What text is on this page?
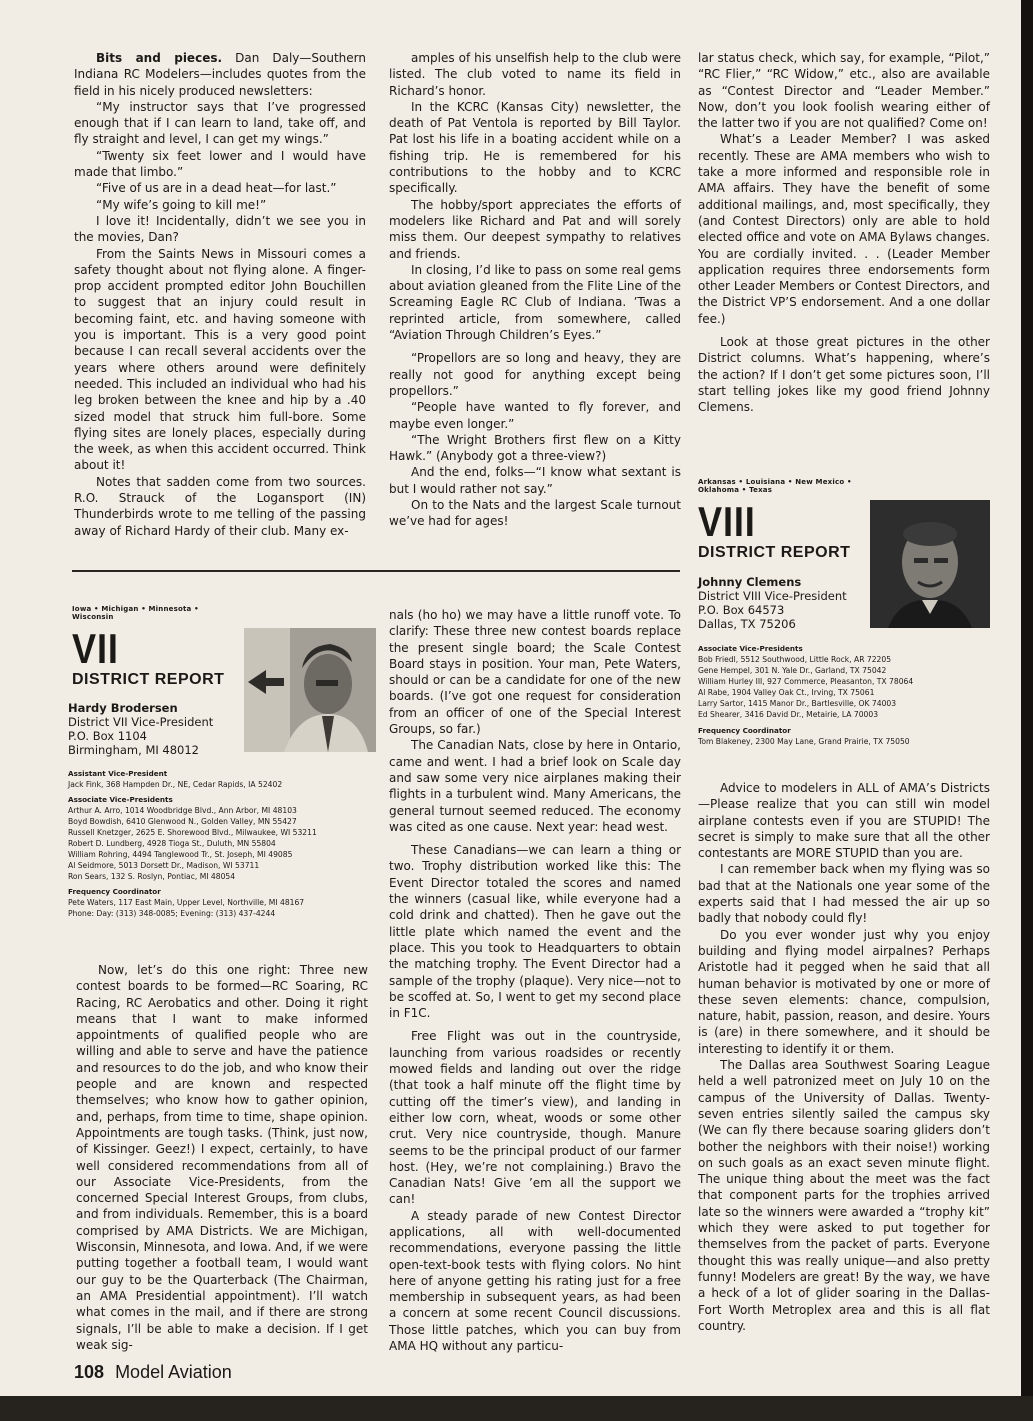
Bits and pieces. Dan Daly—Southern Indiana RC Modelers—includes quotes from the field in his nicely produced newsletters:

“My instructor says that I’ve progressed enough that if I can learn to land, take off, and fly straight and level, I can get my wings.”

“Twenty six feet lower and I would have made that limbo.”

“Five of us are in a dead heat—for last.”

“My wife’s going to kill me!”

I love it! Incidentally, didn’t we see you in the movies, Dan?

From the Saints News in Missouri comes a safety thought about not flying alone. A finger-prop accident prompted editor John Bouchillen to suggest that an injury could result in becoming faint, etc. and having someone with you is important. This is a very good point because I can recall several accidents over the years where others around were definitely needed. This included an individual who had his leg broken between the knee and hip by a .40 sized model that struck him full-bore. Some flying sites are lonely places, especially during the week, as when this accident occurred. Think about it!

Notes that sadden come from two sources. R.O. Strauck of the Logansport (IN) Thunderbirds wrote to me telling of the passing away of Richard Hardy of their club. Many ex-

amples of his unselfish help to the club were listed. The club voted to name its field in Richard’s honor.

In the KCRC (Kansas City) newsletter, the death of Pat Ventola is reported by Bill Taylor. Pat lost his life in a boating accident while on a fishing trip. He is remembered for his contributions to the hobby and to KCRC specifically.

The hobby/sport appreciates the efforts of modelers like Richard and Pat and will sorely miss them. Our deepest sympathy to relatives and friends.

In closing, I’d like to pass on some real gems about aviation gleaned from the Flite Line of the Screaming Eagle RC Club of Indiana. ’Twas a reprinted article, from somewhere, called “Aviation Through Children’s Eyes.”

“Propellors are so long and heavy, they are really not good for anything except being propellors.”

“People have wanted to fly forever, and maybe even longer.”

“The Wright Brothers first flew on a Kitty Hawk.” (Anybody got a three-view?)

And the end, folks—“I know what sextant is but I would rather not say.”

On to the Nats and the largest Scale turnout we’ve had for ages!

lar status check, which say, for example, “Pilot,” “RC Flier,” “RC Widow,” etc., also are available as “Contest Director and “Leader Member.” Now, don’t you look foolish wearing either of the latter two if you are not qualified? Come on!

What’s a Leader Member? I was asked recently. These are AMA members who wish to take a more informed and responsible role in AMA affairs. They have the benefit of some additional mailings, and, most specifically, they (and Contest Directors) only are able to hold elected office and vote on AMA Bylaws changes. You are cordially invited. . . (Leader Member application requires three endorsements form other Leader Members or Contest Directors, and the District VP’S endorsement. And a one dollar fee.)

Look at those great pictures in the other District columns. What’s happening, where’s the action? If I don’t get some pictures soon, I’ll start telling jokes like my good friend Johnny Clemens.

Arkansas • Louisiana • New Mexico • Oklahoma • Texas
VIII
DISTRICT REPORT
Johnny Clemens
District VIII Vice-President
P.O. Box 64573
Dallas, TX 75206
Associate Vice-Presidents
Bob Friedl, 5512 Southwood, Little Rock, AR 72205
Gene Hempel, 301 N. Yale Dr., Garland, TX 75042
William Hurley III, 927 Commerce, Pleasanton, TX 78064
Al Rabe, 1904 Valley Oak Ct., Irving, TX 75061
Larry Sartor, 1415 Manor Dr., Bartlesville, OK 74003
Ed Shearer, 3416 David Dr., Metairie, LA 70003
Frequency Coordinator
Tom Blakeney, 2300 May Lane, Grand Prairie, TX 75050

Advice to modelers in ALL of AMA’s Districts—Please realize that you can still win model airplane contests even if you are STUPID! The secret is simply to make sure that all the other contestants are MORE STUPID than you are.

I can remember back when my flying was so bad that at the Nationals one year some of the experts said that I had messed the air up so badly that nobody could fly!

Do you ever wonder just why you enjoy building and flying model airpalnes? Perhaps Aristotle had it pegged when he said that all human behavior is motivated by one or more of these seven elements: chance, compulsion, nature, habit, passion, reason, and desire. Yours is (are) in there somewhere, and it should be interesting to identify it or them.

The Dallas area Southwest Soaring League held a well patronized meet on July 10 on the campus of the University of Dallas. Twenty-seven entries silently sailed the campus sky (We can fly there because soaring gliders don’t bother the neighbors with their noise!) working on such goals as an exact seven minute flight. The unique thing about the meet was the fact that component parts for the trophies arrived late so the winners were awarded a “trophy kit” which they were asked to put together for themselves from the packet of parts. Everyone thought this was really unique—and also pretty funny! Modelers are great! By the way, we have a heck of a lot of glider soaring in the Dallas-Fort Worth Metroplex area and this is all flat country.

Iowa • Michigan • Minnesota • Wisconsin
VII
DISTRICT REPORT
Hardy Brodersen
District VII Vice-President
P.O. Box 1104
Birmingham, MI 48012
Assistant Vice-President
Jack Fink, 368 Hampden Dr., NE, Cedar Rapids, IA 52402
Associate Vice-Presidents
Arthur A. Arro, 1014 Woodbridge Blvd., Ann Arbor, MI 48103
Boyd Bowdish, 6410 Glenwood N., Golden Valley, MN 55427
Russell Knetzger, 2625 E. Shorewood Blvd., Milwaukee, WI 53211
Robert D. Lundberg, 4928 Tioga St., Duluth, MN 55804
William Rohring, 4494 Tanglewood Tr., St. Joseph, MI 49085
Al Seidmore, 5013 Dorsett Dr., Madison, WI 53711
Ron Sears, 132 S. Roslyn, Pontiac, MI 48054
Frequency Coordinator
Pete Waters, 117 East Main, Upper Level, Northville, MI 48167
Phone: Day: (313) 348-0085; Evening: (313) 437-4244

Now, let’s do this one right: Three new contest boards to be formed—RC Soaring, RC Racing, RC Aerobatics and other. Doing it right means that I want to make informed appointments of qualified people who are willing and able to serve and have the patience and resources to do the job, and who know their people and are known and respected themselves; who know how to gather opinion, and, perhaps, from time to time, shape opinion. Appointments are tough tasks. (Think, just now, of Kissinger. Geez!) I expect, certainly, to have well considered recommendations from all of our Associate Vice-Presidents, from the concerned Special Interest Groups, from clubs, and from individuals. Remember, this is a board comprised by AMA Districts. We are Michigan, Wisconsin, Minnesota, and Iowa. And, if we were putting together a football team, I would want our guy to be the Quarterback (The Chairman, an AMA Presidential appointment). I’ll watch what comes in the mail, and if there are strong signals, I’ll be able to make a decision. If I get weak sig-

nals (ho ho) we may have a little runoff vote. To clarify: These three new contest boards replace the present single board; the Scale Contest Board stays in position. Your man, Pete Waters, should or can be a candidate for one of the new boards. (I’ve got one request for consideration from an officer of one of the Special Interest Groups, so far.)

The Canadian Nats, close by here in Ontario, came and went. I had a brief look on Scale day and saw some very nice airplanes making their flights in a turbulent wind. Many Americans, the general turnout seemed reduced. The economy was cited as one cause. Next year: head west.

These Canadians—we can learn a thing or two. Trophy distribution worked like this: The Event Director totaled the scores and named the winners (casual like, while everyone had a cold drink and chatted). Then he gave out the little plate which named the event and the place. This you took to Headquarters to obtain the matching trophy. The Event Director had a sample of the trophy (plaque). Very nice—not to be scoffed at. So, I went to get my second place in F1C.

Free Flight was out in the countryside, launching from various roadsides or recently mowed fields and landing out over the ridge (that took a half minute off the flight time by cutting off the timer’s view), and landing in either low corn, wheat, woods or some other crut. Very nice countryside, though. Manure seems to be the principal product of our farmer host. (Hey, we’re not complaining.) Bravo the Canadian Nats! Give ’em all the support we can!

A steady parade of new Contest Director applications, all with well-documented recommendations, everyone passing the little open-text-book tests with flying colors. No hint here of anyone getting his rating just for a free membership in subsequent years, as had been a concern at some recent Council discussions. Those little patches, which you can buy from AMA HQ without any particu-

108 Model Aviation
